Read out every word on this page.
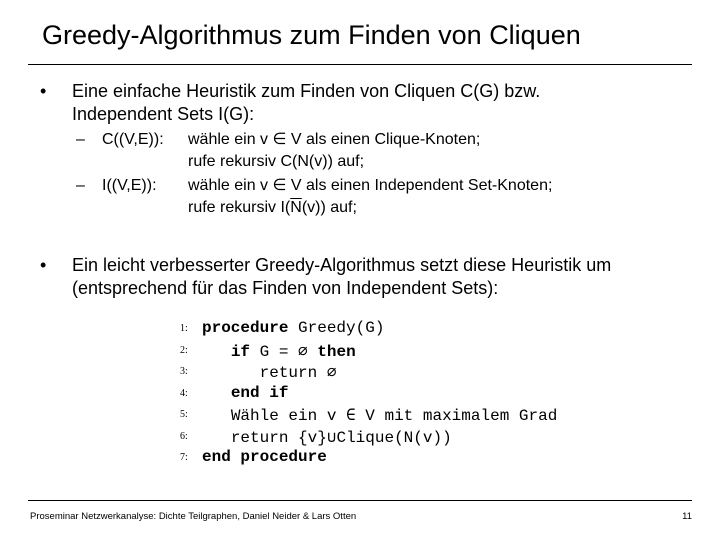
Greedy-Algorithmus zum Finden von Cliquen
• Eine einfache Heuristik zum Finden von Cliquen C(G) bzw.
Independent Sets I(G):
– C((V,E)): wähle ein v ∈ V als einen Clique-Knoten;
rufe rekursiv C(N(v)) auf;
– I((V,E)): wähle ein v ∈ V als einen Independent Set-Knoten;
rufe rekursiv $I(\overline{N}(v))$ auf;
• Ein leicht verbesserter Greedy-Algorithmus setzt diese Heuristik um
(entsprechend für das Finden von Independent Sets):
1: procedure Greedy(G)
2:	if G = ∅ then
3:	return ∅
4:	end if
5:	Wähle ein v ∈ V mit maximalem Grad
6:	return {v}∪Clique(N(v))
7: end procedure
Proseminar Netzwerkanalyse: Dichte Teilgraphen, Daniel Neider & Lars Otten	11
